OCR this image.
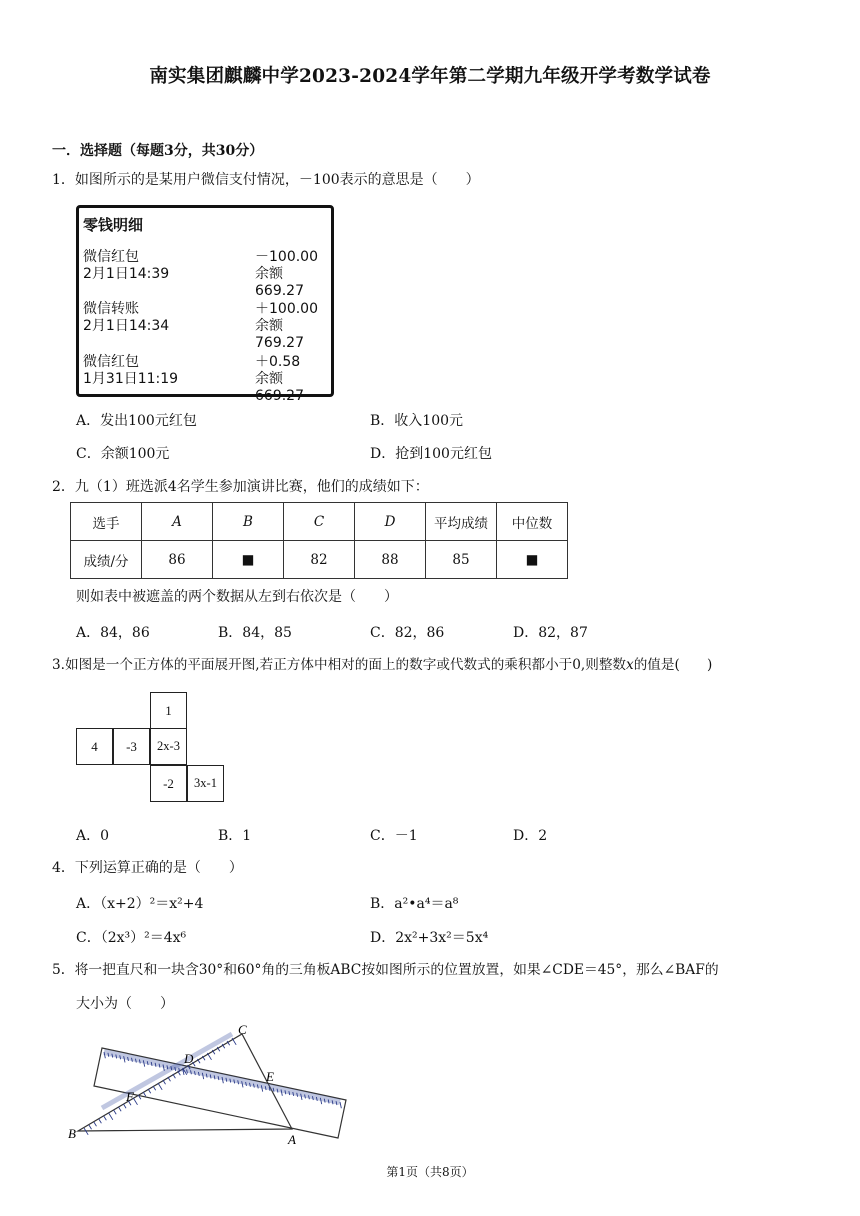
南实集团麒麟中学2023-2024学年第二学期九年级开学考数学试卷
一．选择题（每题3分，共30分）
1．如图所示的是某用户微信支付情况，－100表示的意思是（　　）
零钱明细
微信红包	－100.00
2月1日14:39	余额669.27
微信转账	＋100.00
2月1日14:34	余额769.27
微信红包	＋0.58
1月31日11:19	余额669.27
A．发出100元红包	B．收入100元
C．余额100元	D．抢到100元红包
2．九（1）班选派4名学生参加演讲比赛，他们的成绩如下：
选手	A	B	C	D	平均成绩	中位数
成绩/分	86	■	82	88	85	■
则如表中被遮盖的两个数据从左到右依次是（　　）
A．84，86	B．84，85	C．82，86	D．82，87
3.如图是一个正方体的平面展开图,若正方体中相对的面上的数字或代数式的乘积都小于0,则整数x的值是(　　)
1
4	-3	2x-3
-2	3x-1
A．0	B．1	C．－1	D．2
4．下列运算正确的是（　　）
A．（x+2）²＝x²+4	B．a²•a⁴＝a⁸
C．（2x³）²＝4x⁶	D．2x²+3x²＝5x⁴
5．将一把直尺和一块含30°和60°角的三角板ABC按如图所示的位置放置，如果∠CDE＝45°，那么∠BAF的
大小为（　　）
C
D
E
F
B	A
第1页（共8页）
